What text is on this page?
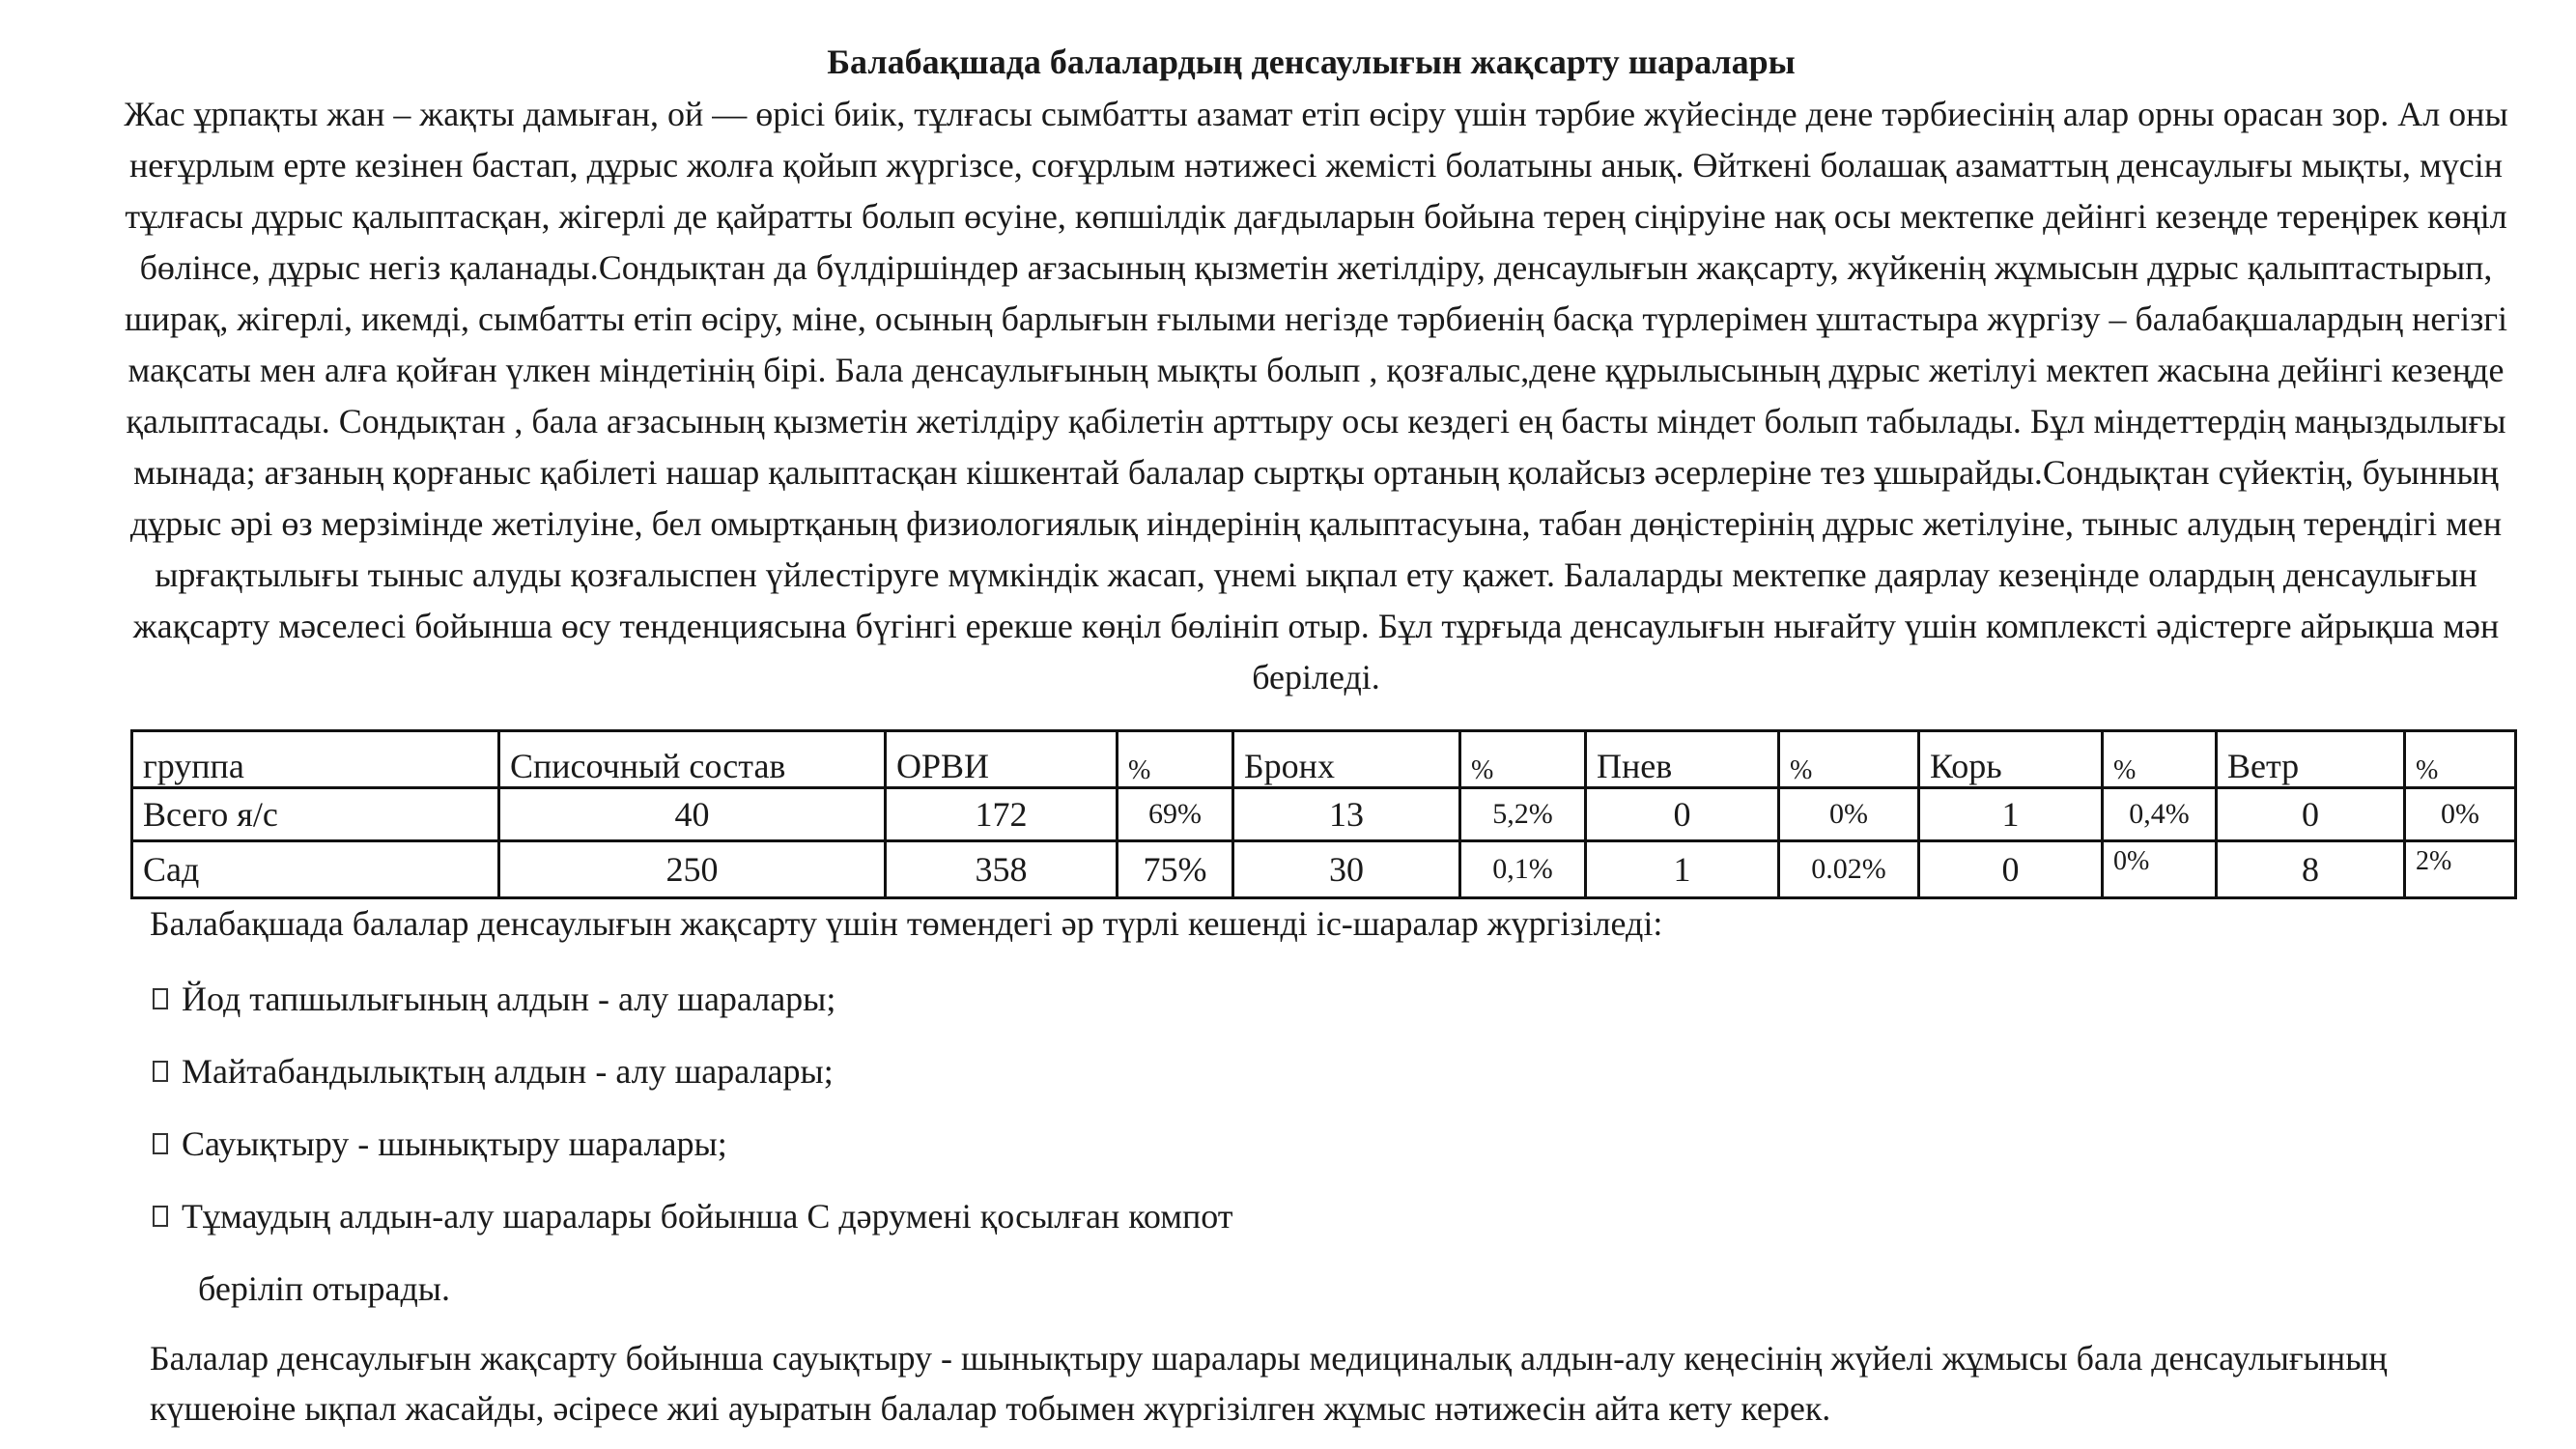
Балабақшада балалардың денсаулығын жақсарту шаралары

Жас ұрпақты жан – жақты дамыған, ой — өрісі биік, тұлғасы сымбатты азамат етіп өсіру үшін тәрбие жүйесінде дене тәрбиесінің алар орны орасан зор. Ал оны неғұрлым ерте кезінен бастап, дұрыс жолға қойып жүргізсе, соғұрлым нәтижесі жемісті болатыны анық. Өйткені болашақ азаматтың денсаулығы мықты, мүсін тұлғасы дұрыс қалыптасқан, жігерлі де қайратты болып өсуіне, көпшілдік дағдыларын бойына терең сіңіруіне нақ осы мектепке дейінгі кезеңде тереңірек көңіл бөлінсе, дұрыс негіз қаланады.Сондықтан да бүлдіршіндер ағзасының қызметін жетілдіру, денсаулығын жақсарту, жүйкенің жұмысын дұрыс қалыптастырып, ширақ, жігерлі, икемді, сымбатты етіп өсіру, міне, осының барлығын ғылыми негізде тәрбиенің басқа түрлерімен ұштастыра жүргізу – балабақшалардың негізгі мақсаты мен алға қойған үлкен міндетінің бірі. Бала денсаулығының мықты болып , қозғалыс,дене құрылысының дұрыс жетілуі мектеп жасына дейінгі кезеңде қалыптасады. Сондықтан , бала ағзасының қызметін жетілдіру қабілетін арттыру осы кездегі ең басты міндет болып табылады. Бұл міндеттердің маңыздылығы мынада; ағзаның қорғаныс қабілеті нашар қалыптасқан кішкентай балалар сыртқы ортаның қолайсыз әсерлеріне тез ұшырайды.Сондықтан сүйектің, буынның дұрыс әрі өз мерзімінде жетілуіне, бел омыртқаның физиологиялық иіндерінің қалыптасуына, табан дөңістерінің дұрыс жетілуіне, тыныс алудың тереңдігі мен ырғақтылығы тыныс алуды қозғалыспен үйлестіруге мүмкіндік жасап, үнемі ықпал ету қажет. Балаларды мектепке даярлау кезеңінде олардың денсаулығын жақсарту мәселесі бойынша өсу тенденциясына бүгінгі ерекше көңіл бөлініп отыр. Бұл тұрғыда денсаулығын нығайту үшін комплексті әдістерге айрықша мән беріледі.

группа	Списочный состав	ОРВИ	%	Бронх	%	Пнев	%	Корь	%	Ветр	%
Всего я/с	40	172	69%	13	5,2%	0	0%	1	0,4%	0	0%
Сад	250	358	75%	30	0,1%	1	0.02%	0	0%	8	2%

Балабақшада балалар денсаулығын жақсарту үшін төмендегі әр түрлі кешенді іс-шаралар жүргізіледі:

Йод тапшылығының алдын - алу шаралары;
Майтабандылықтың алдын - алу шаралары;
Сауықтыру - шынықтыру шаралары;
Тұмаудың алдын-алу шаралары бойынша С дәрумені қосылған компот
беріліп отырады.

Балалар денсаулығын жақсарту бойынша сауықтыру - шынықтыру шаралары медициналық алдын-алу кеңесінің жүйелі жұмысы бала денсаулығының күшеюіне ықпал жасайды, әсіресе жиі ауыратын балалар тобымен жүргізілген жұмыс нәтижесін айта кету керек.
